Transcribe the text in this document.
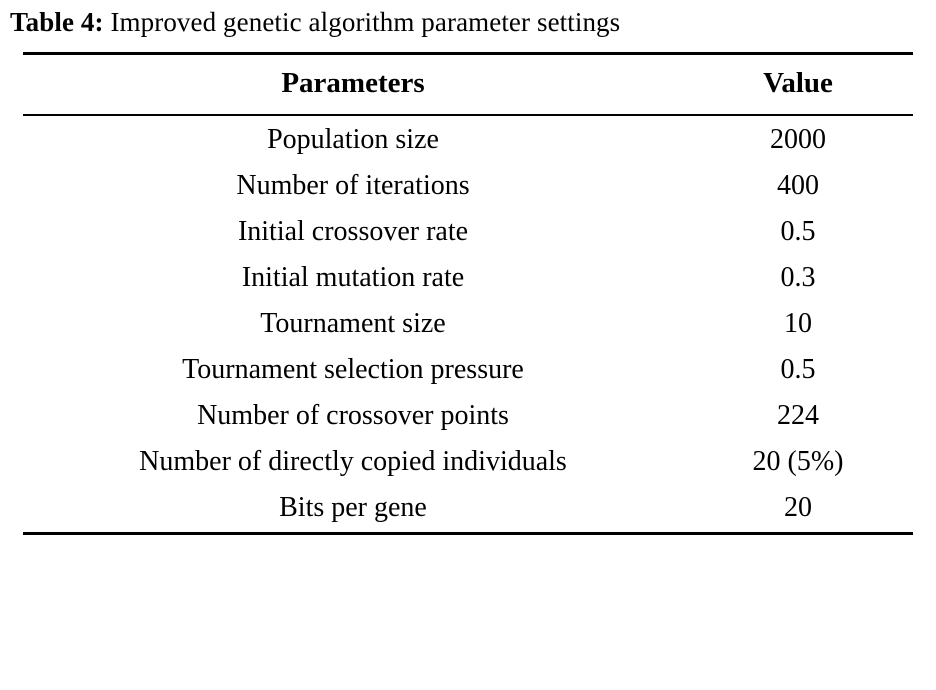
Table 4: Improved genetic algorithm parameter settings
Parameters	Value
Population size	2000
Number of iterations	400
Initial crossover rate	0.5
Initial mutation rate	0.3
Tournament size	10
Tournament selection pressure	0.5
Number of crossover points	224
Number of directly copied individuals	20 (5%)
Bits per gene	20
